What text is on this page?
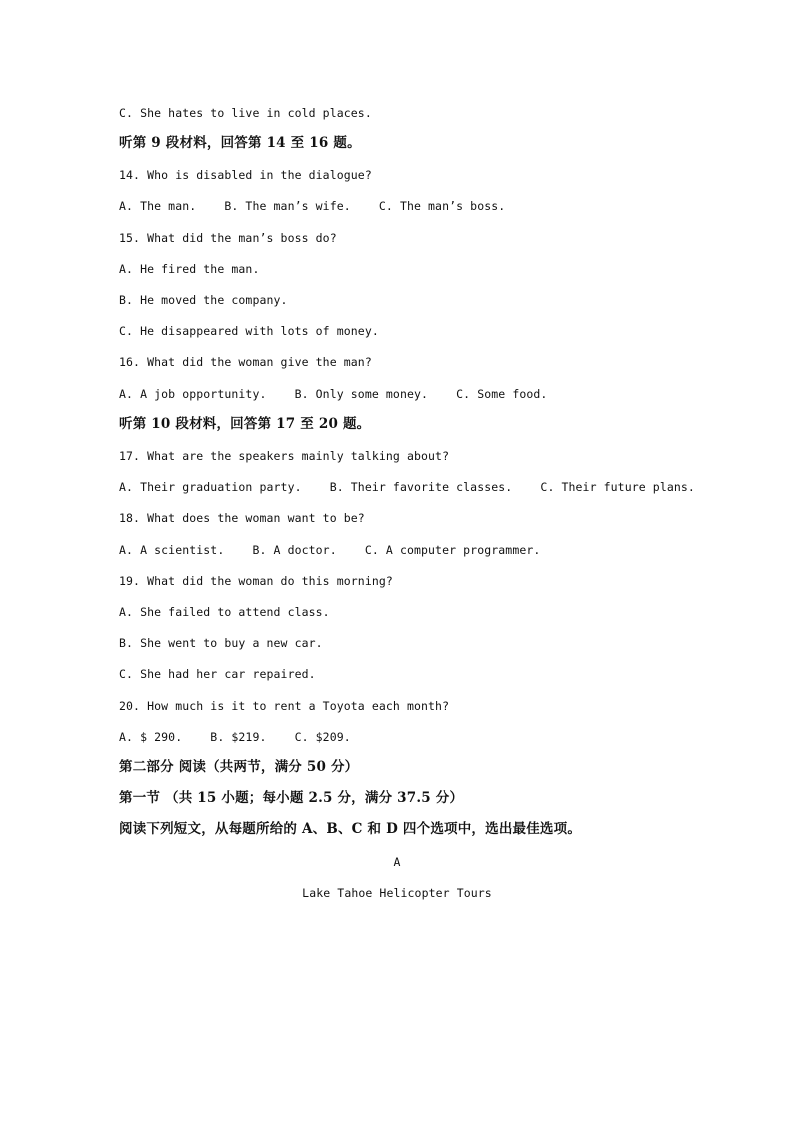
C. She hates to live in cold places.
听第 9 段材料，回答第 14 至 16 题。
14. Who is disabled in the dialogue?
A. The man.    B. The man’s wife.    C. The man’s boss.
15. What did the man’s boss do?
A. He fired the man.
B. He moved the company.
C. He disappeared with lots of money.
16. What did the woman give the man?
A. A job opportunity.    B. Only some money.    C. Some food.
听第 10 段材料，回答第 17 至 20 题。
17. What are the speakers mainly talking about?
A. Their graduation party.    B. Their favorite classes.    C. Their future plans.
18. What does the woman want to be?
A. A scientist.    B. A doctor.    C. A computer programmer.
19. What did the woman do this morning?
A. She failed to attend class.
B. She went to buy a new car.
C. She had her car repaired.
20. How much is it to rent a Toyota each month?
A. $ 290.    B. $219.    C. $209.
第二部分 阅读（共两节，满分 50 分）
第一节 （共 15 小题；每小题 2.5 分，满分 37.5 分）
阅读下列短文，从每题所给的 A、B、C 和 D 四个选项中，选出最佳选项。
A
Lake Tahoe Helicopter Tours
